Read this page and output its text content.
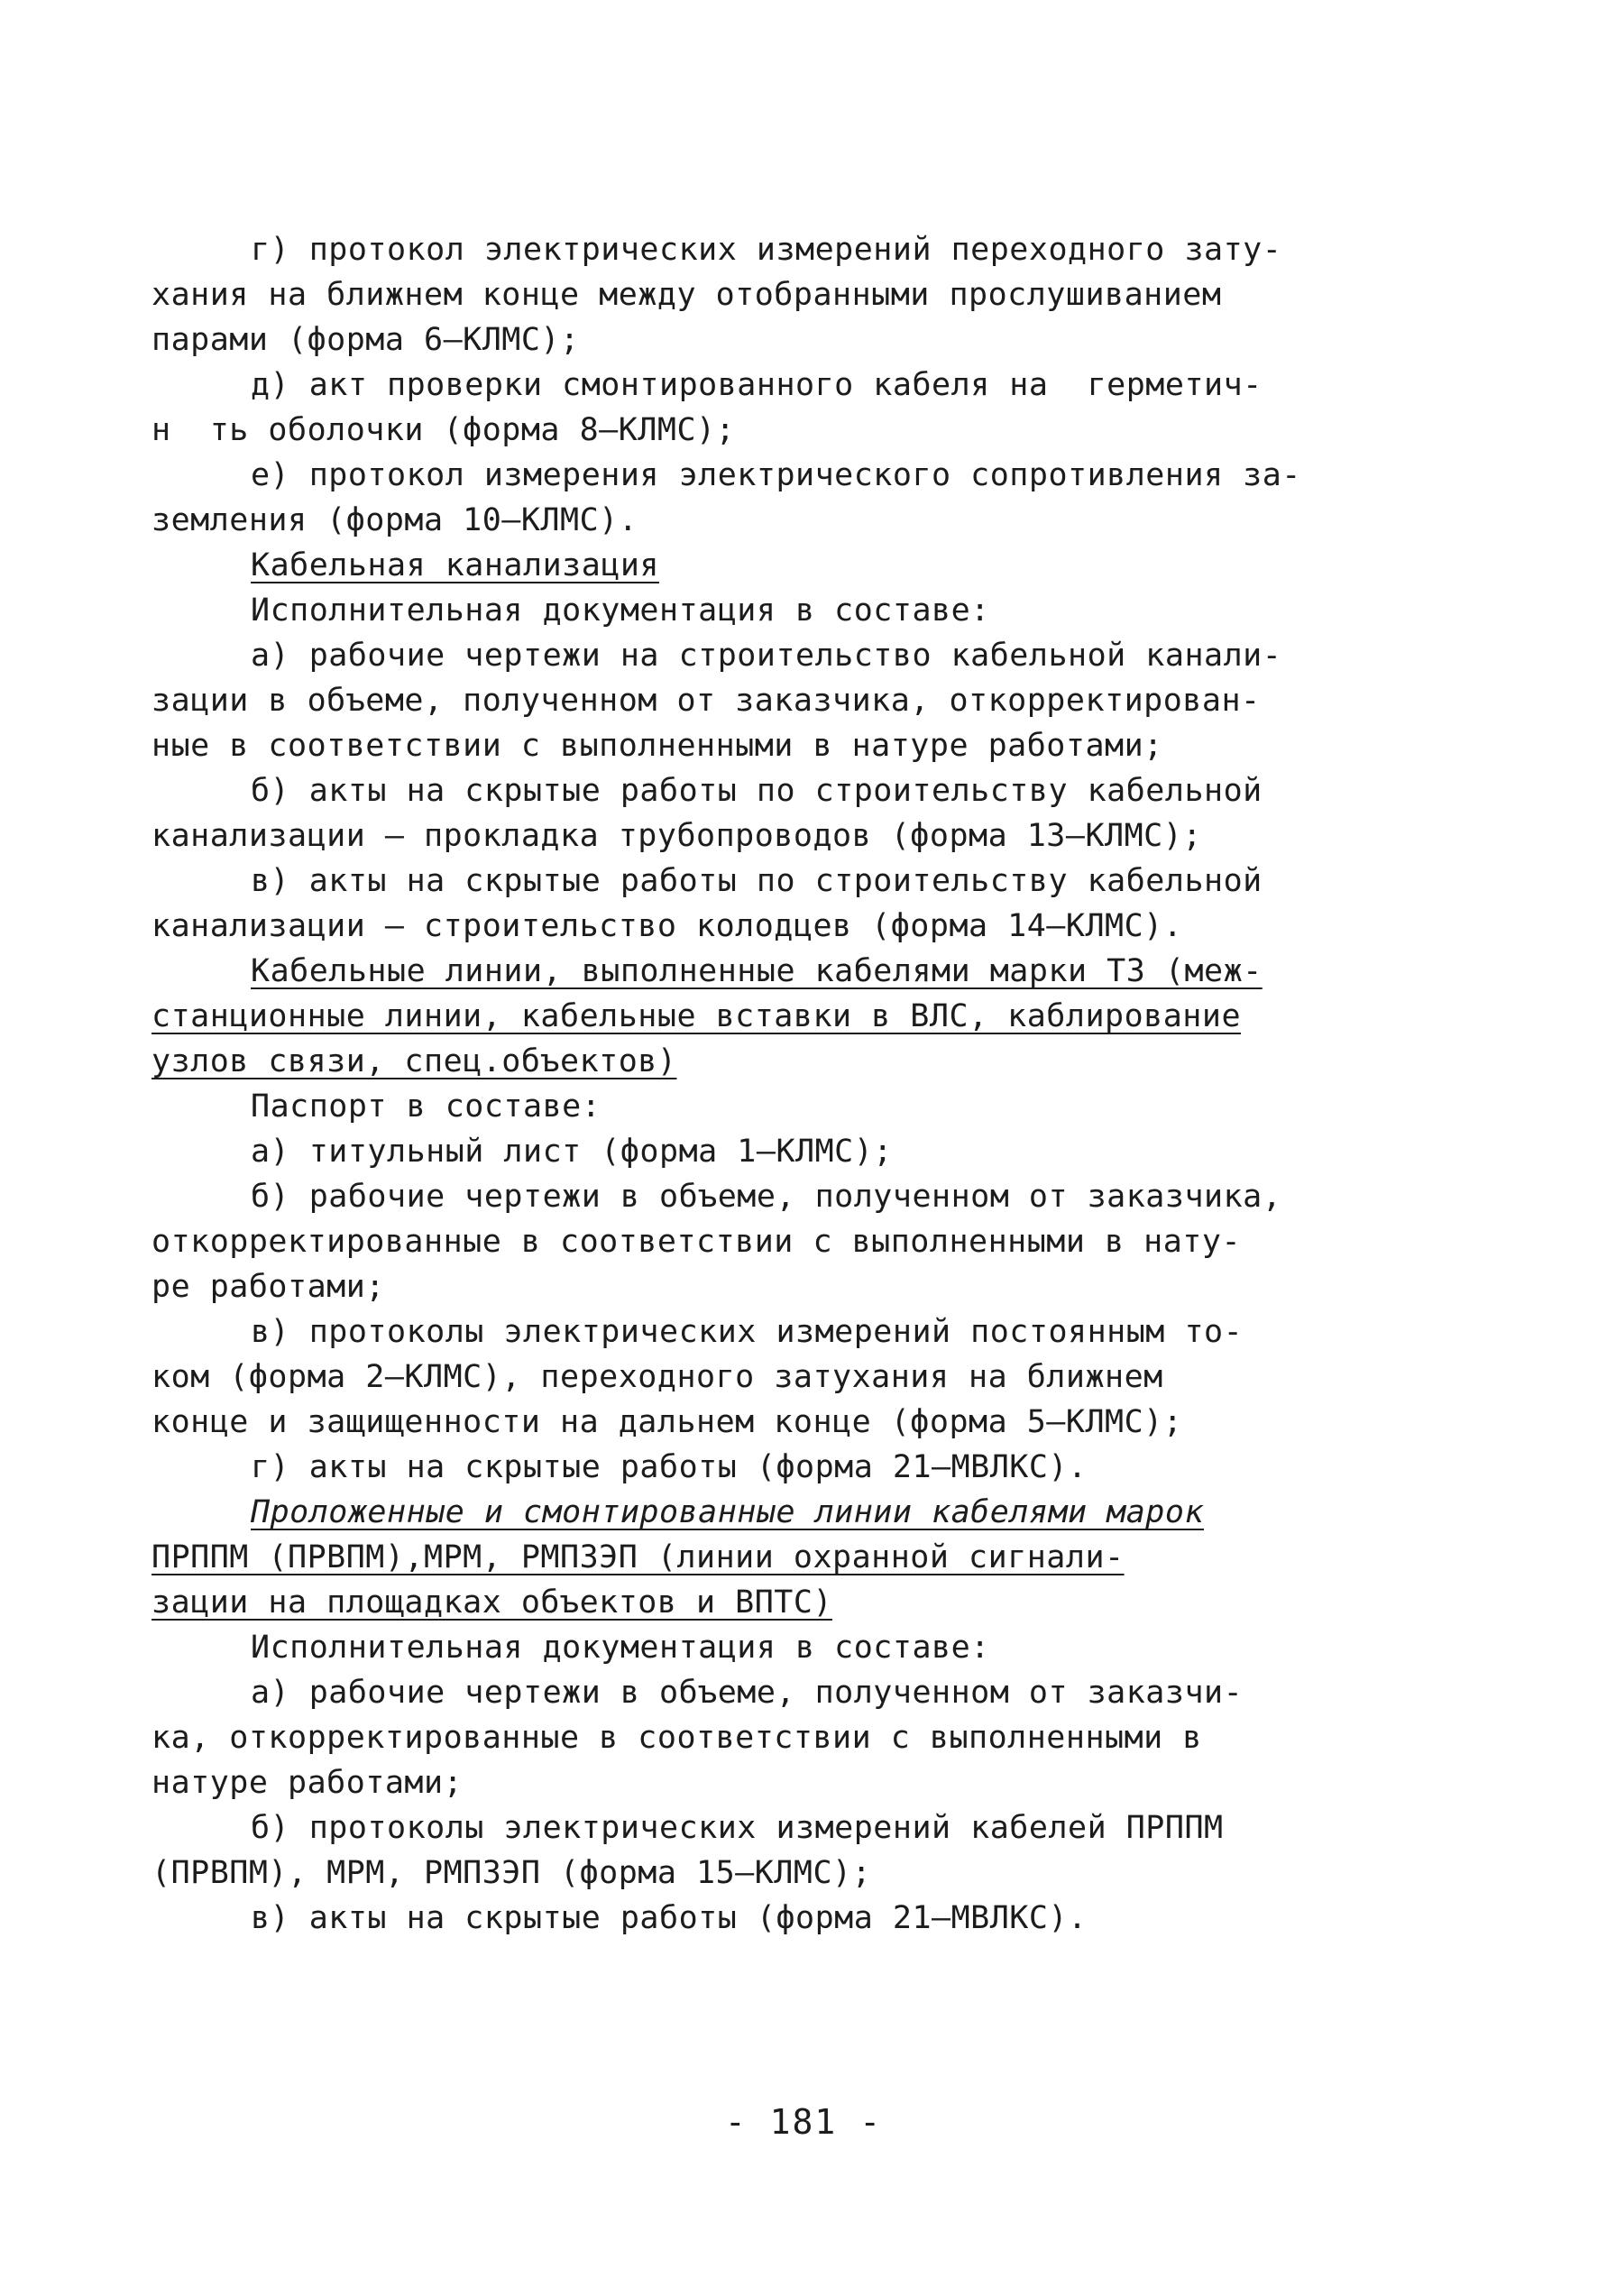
г) протокол электрических измерений переходного зату-
хания на ближнем конце между отобранными прослушиванием
парами (форма 6–КЛМС);
д) акт проверки смонтированного кабеля на  герметич-
н  ть оболочки (форма 8–КЛМС);
е) протокол измерения электрического сопротивления за-
земления (форма 10–КЛМС).
Кабельная канализация
Исполнительная документация в составе:
а) рабочие чертежи на строительство кабельной канали-
зации в объеме, полученном от заказчика, откорректирован-
ные в соответствии с выполненными в натуре работами;
б) акты на скрытые работы по строительству кабельной
канализации – прокладка трубопроводов (форма 13–КЛМС);
в) акты на скрытые работы по строительству кабельной
канализации – строительство колодцев (форма 14–КЛМС).
Кабельные линии, выполненные кабелями марки ТЗ (меж-
станционные линии, кабельные вставки в ВЛС, каблирование
узлов связи, спец.объектов)
Паспорт в составе:
а) титульный лист (форма 1–КЛМС);
б) рабочие чертежи в объеме, полученном от заказчика,
откорректированные в соответствии с выполненными в нату-
ре работами;
в) протоколы электрических измерений постоянным то-
ком (форма 2–КЛМС), переходного затухания на ближнем
конце и защищенности на дальнем конце (форма 5–КЛМС);
г) акты на скрытые работы (форма 21–МВЛКС).
Проложенные и смонтированные линии кабелями марок
ПРППМ (ПРВПМ),МРМ, РМПЗЭП (линии охранной сигнали-
зации на площадках объектов и ВПТС)
Исполнительная документация в составе:
а) рабочие чертежи в объеме, полученном от заказчи-
ка, откорректированные в соответствии с выполненными в
натуре работами;
б) протоколы электрических измерений кабелей ПРППМ
(ПРВПМ), МРМ, РМПЗЭП (форма 15–КЛМС);
в) акты на скрытые работы (форма 21–МВЛКС).
- 181 -
